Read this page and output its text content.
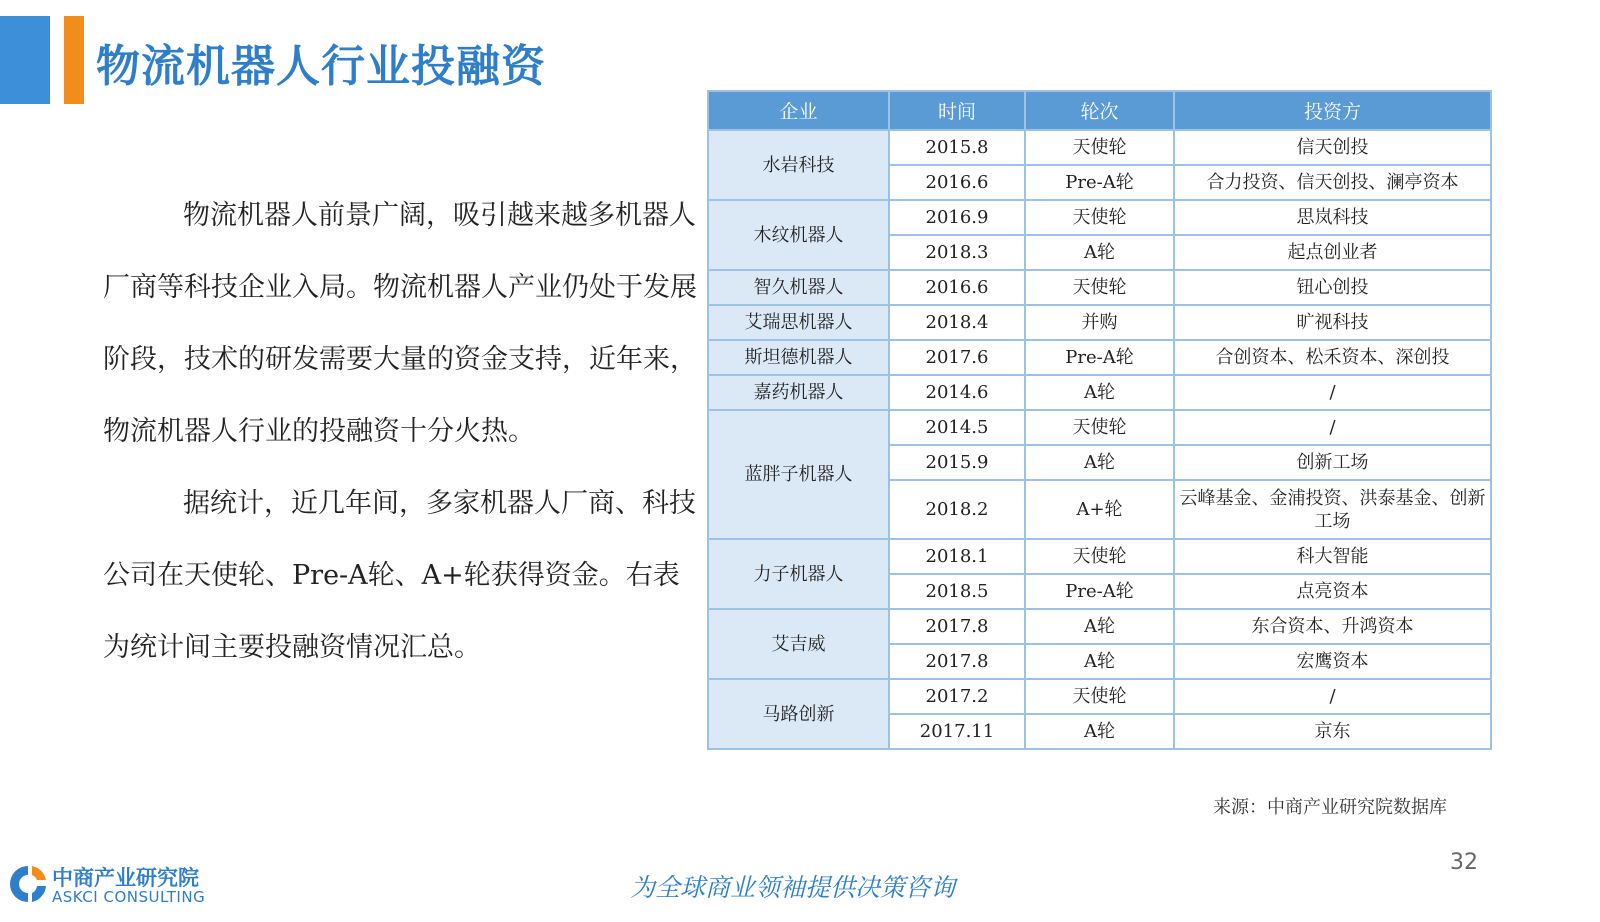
物流机器人行业投融资

物流机器人前景广阔，吸引越来越多机器人厂商等科技企业入局。物流机器人产业仍处于发展阶段，技术的研发需要大量的资金支持，近年来，物流机器人行业的投融资十分火热。

据统计，近几年间，多家机器人厂商、科技公司在天使轮、Pre-A轮、A+轮获得资金。右表为统计间主要投融资情况汇总。

企业	时间	轮次	投资方
水岩科技	2015.8	天使轮	信天创投
	2016.6	Pre-A轮	合力投资、信天创投、澜亭资本
木纹机器人	2016.9	天使轮	思岚科技
	2018.3	A轮	起点创业者
智久机器人	2016.6	天使轮	钮心创投
艾瑞思机器人	2018.4	并购	旷视科技
斯坦德机器人	2017.6	Pre-A轮	合创资本、松禾资本、深创投
嘉药机器人	2014.6	A轮	/
蓝胖子机器人	2014.5	天使轮	/
	2015.9	A轮	创新工场
	2018.2	A+轮	云峰基金、金浦投资、洪泰基金、创新工场
力子机器人	2018.1	天使轮	科大智能
	2018.5	Pre-A轮	点亮资本
艾吉威	2017.8	A轮	东合资本、升鸿资本
	2017.8	A轮	宏鹰资本
马路创新	2017.2	天使轮	/
	2017.11	A轮	京东
来源：中商产业研究院数据库
32
为全球商业领袖提供决策咨询
中商产业研究院
ASKCI CONSULTING
